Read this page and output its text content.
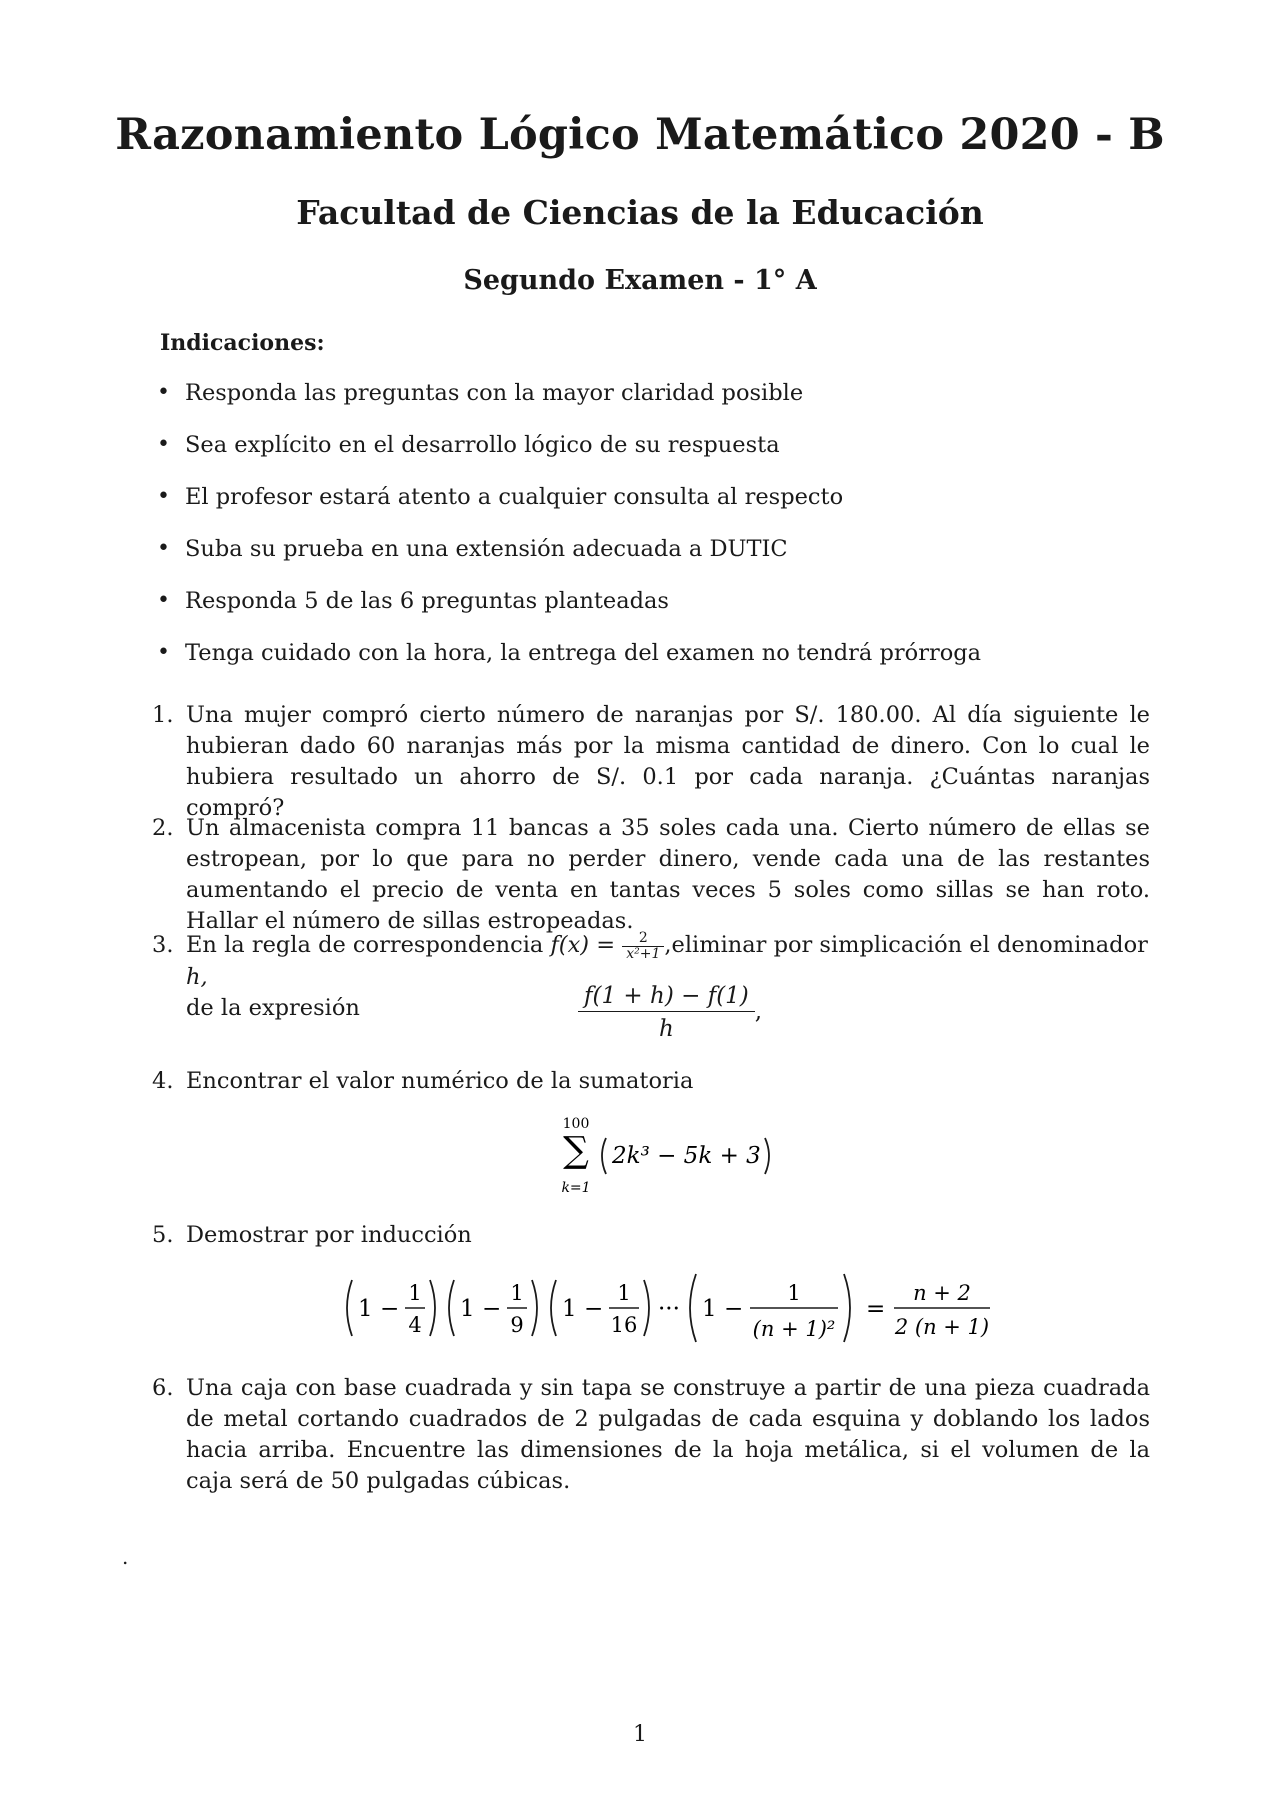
Razonamiento Lógico Matemático 2020 - B
Facultad de Ciencias de la Educación
Segundo Examen - 1° A
Indicaciones:
• Responda las preguntas con la mayor claridad posible
• Sea explícito en el desarrollo lógico de su respuesta
• El profesor estará atento a cualquier consulta al respecto
• Suba su prueba en una extensión adecuada a DUTIC
• Responda 5 de las 6 preguntas planteadas
• Tenga cuidado con la hora, la entrega del examen no tendrá prórroga
1. Una mujer compró cierto número de naranjas por S/. 180.00. Al día siguiente le hubieran dado 60 naranjas más por la misma cantidad de dinero. Con lo cual le hubiera resultado un ahorro de S/. 0.1 por cada naranja. ¿Cuántas naranjas compró?
2. Un almacenista compra 11 bancas a 35 soles cada una. Cierto número de ellas se estropean, por lo que para no perder dinero, vende cada una de las restantes aumentando el precio de venta en tantas veces 5 soles como sillas se han roto. Hallar el número de sillas estropeadas.
3. En la regla de correspondencia $f(x) = \frac{2}{\text{x²+1}}$ ,eliminar por simplicación el denominador h,
de la expresión	$\frac{f(1 + h) - f(1)}{h}$ ,
4. Encontrar el valor numérico de la sumatoria
100
∑
k=1
2k³ − 5k + 3
5. Demostrar por inducción
1 −
1
4
1 −
1
9
1 −
1
16
··· 1 −
1
(n + 1)²
=
n + 2
2 (n + 1)
6. Una caja con base cuadrada y sin tapa se construye a partir de una pieza cuadrada de metal cortando cuadrados de 2 pulgadas de cada esquina y doblando los lados hacia arriba. Encuentre las dimensiones de la hoja metálica, si el volumen de la caja será de 50 pulgadas cúbicas.
.
1
